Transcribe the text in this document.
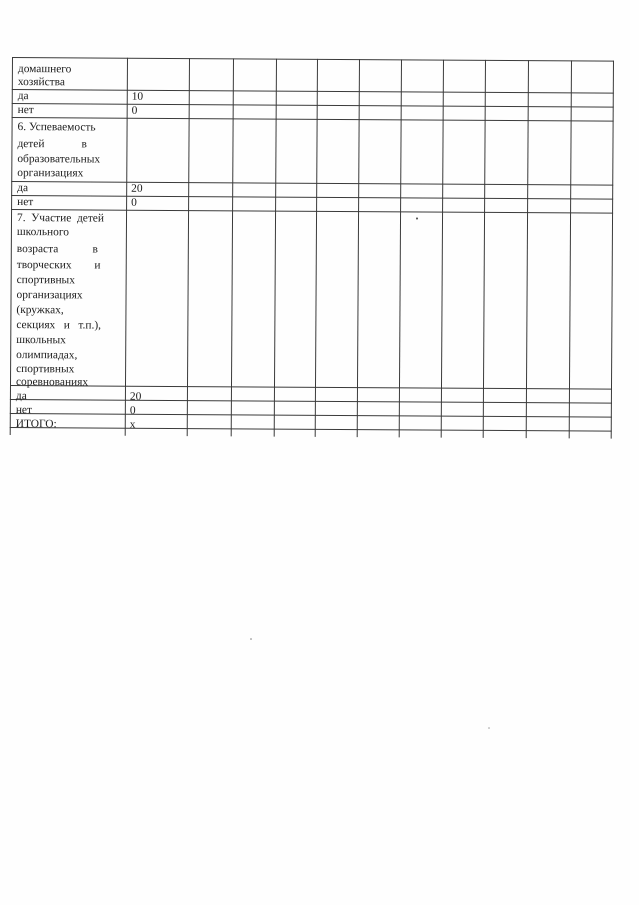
домашнего
хозяйства
да	10
нет	0
6. Успеваемость
детей             в
образовательных
организациях
да	20
нет	0
7.  Участие  детей
школьного
возраста            в
творческих        и
спортивных
организациях
(кружках,
секциях   и   т.п.),
школьных
олимпиадах,
спортивных
соревнованиях
да	20
нет	0
ИТОГО:	х
